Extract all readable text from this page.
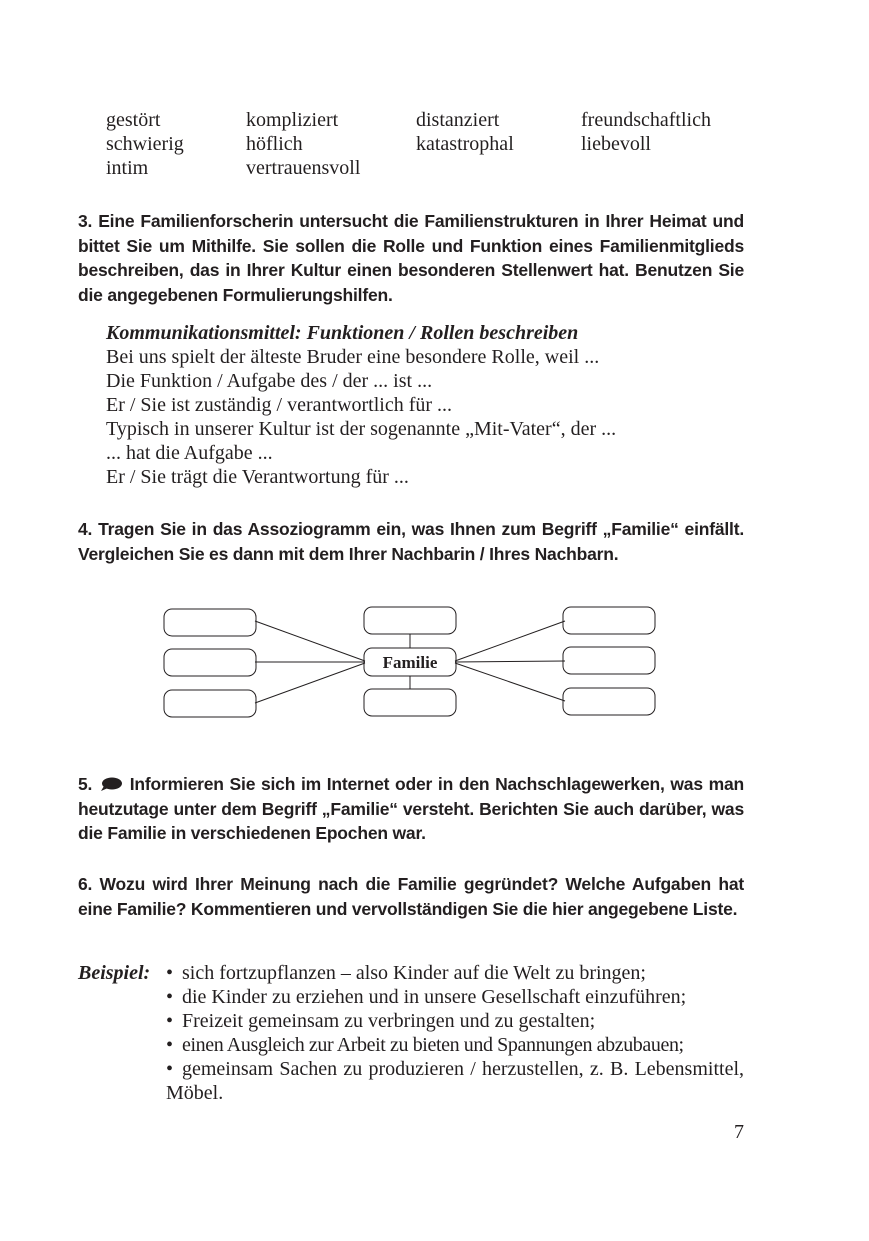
gestört
schwierig
intim
kompliziert
höflich
vertrauensvoll
distanziert
katastrophal
freundschaftlich
liebevoll
3. Eine Familienforscherin untersucht die Familienstrukturen in Ihrer Heimat und bittet Sie um Mithilfe. Sie sollen die Rolle und Funktion eines Familienmitglieds beschreiben, das in Ihrer Kultur einen besonderen Stellenwert hat. Benutzen Sie die angegebenen Formulierungshilfen.
Kommunikationsmittel: Funktionen / Rollen beschreiben
Bei uns spielt der älteste Bruder eine besondere Rolle, weil ...
Die Funktion / Aufgabe des / der ... ist ...
Er / Sie ist zuständig / verantwortlich für ...
Typisch in unserer Kultur ist der sogenannte „Mit-Vater“, der ...
... hat die Aufgabe ...
Er / Sie trägt die Verantwortung für ...
4. Tragen Sie in das Assoziogramm ein, was Ihnen zum Begriff „Familie“ einfällt. Vergleichen Sie es dann mit dem Ihrer Nachbarin / Ihres Nachbarn.
Familie
5. Informieren Sie sich im Internet oder in den Nachschlagewerken, was man heutzutage unter dem Begriff „Familie“ versteht. Berichten Sie auch darüber, was die Familie in verschiedenen Epochen war.
6. Wozu wird Ihrer Meinung nach die Familie gegründet? Welche Aufgaben hat eine Familie? Kommentieren und vervollständigen Sie die hier angegebene Liste.
Beispiel: • sich fortzupflanzen – also Kinder auf die Welt zu bringen;
• die Kinder zu erziehen und in unsere Gesellschaft einzuführen;
• Freizeit gemeinsam zu verbringen und zu gestalten;
• einen Ausgleich zur Arbeit zu bieten und Spannungen abzubauen;
• gemeinsam Sachen zu produzieren / herzustellen, z. B. Lebensmittel, Möbel.
7
